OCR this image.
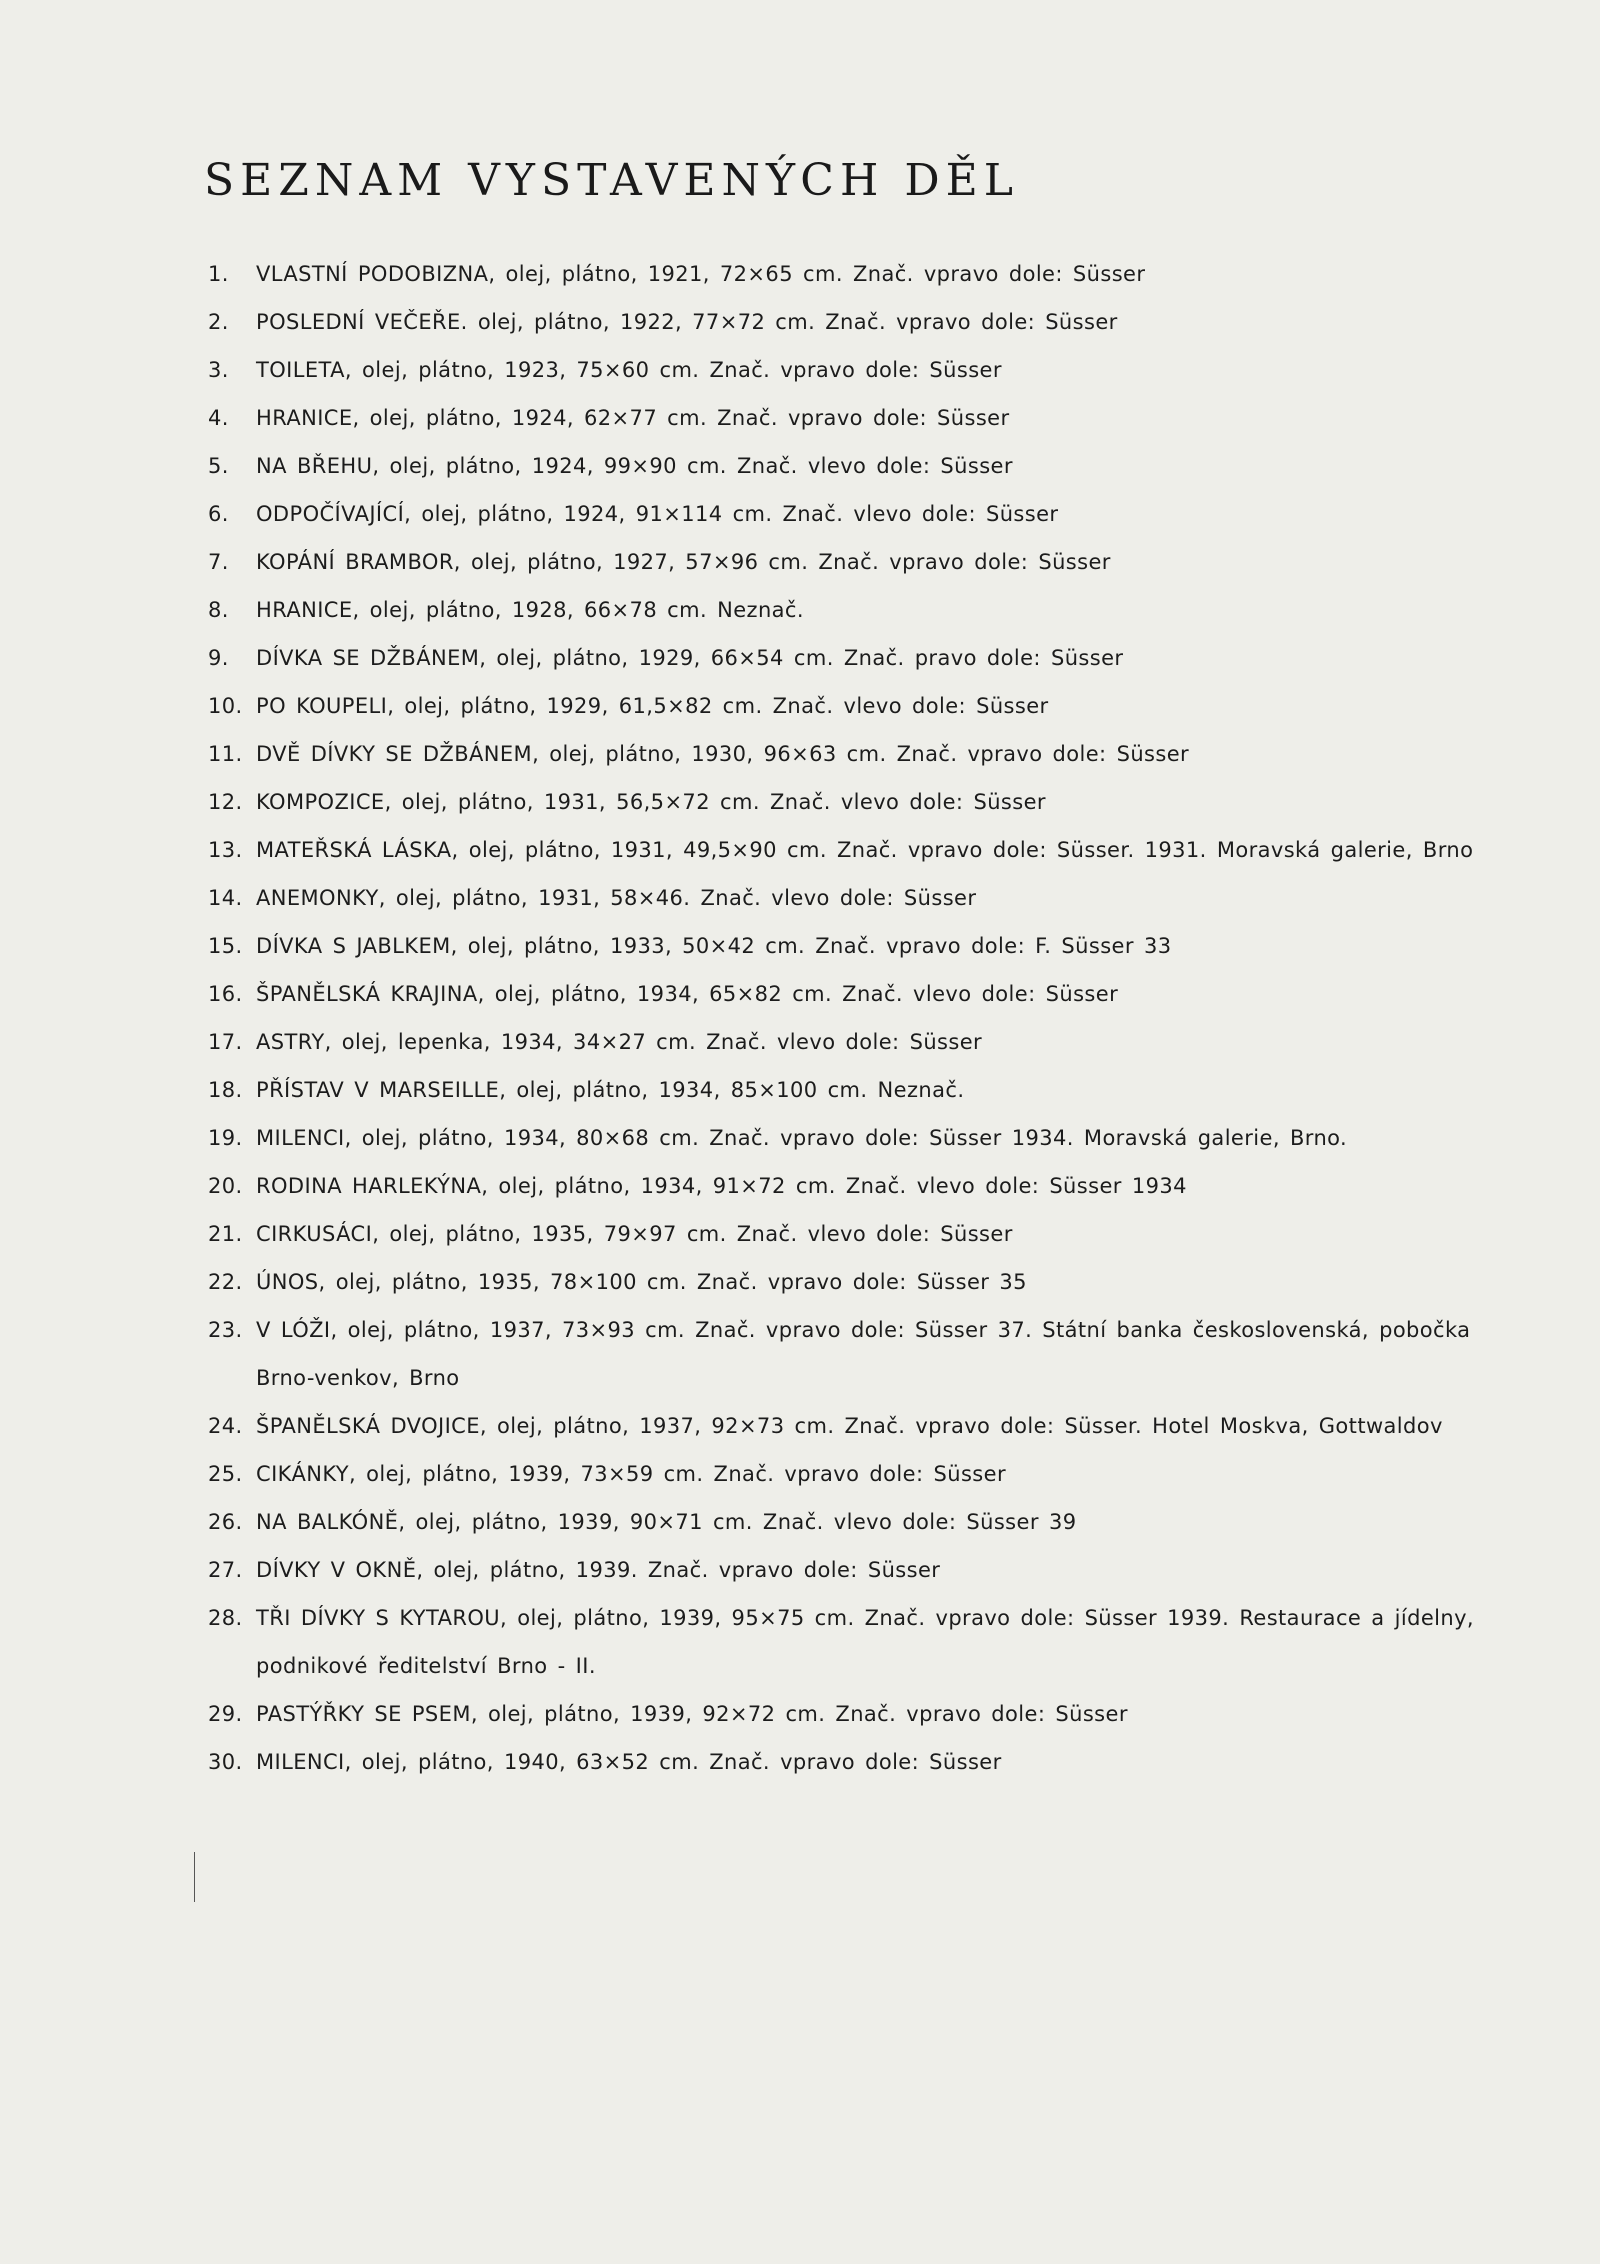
SEZNAM VYSTAVENÝCH DĚL
1.	VLASTNÍ PODOBIZNA, olej, plátno, 1921, 72×65 cm. Znač. vpravo dole: Süsser
2.	POSLEDNÍ VEČEŘE. olej, plátno, 1922, 77×72 cm. Znač. vpravo dole: Süsser
3.	TOILETA, olej, plátno, 1923, 75×60 cm. Znač. vpravo dole: Süsser
4.	HRANICE, olej, plátno, 1924, 62×77 cm. Znač. vpravo dole: Süsser
5.	NA BŘEHU, olej, plátno, 1924, 99×90 cm. Znač. vlevo dole: Süsser
6.	ODPOČÍVAJÍCÍ, olej, plátno, 1924, 91×114 cm. Znač. vlevo dole: Süsser
7.	KOPÁNÍ BRAMBOR, olej, plátno, 1927, 57×96 cm. Znač. vpravo dole: Süsser
8.	HRANICE, olej, plátno, 1928, 66×78 cm. Neznač.
9.	DÍVKA SE DŽBÁNEM, olej, plátno, 1929, 66×54 cm. Znač. pravo dole: Süsser
10. PO KOUPELI, olej, plátno, 1929, 61,5×82 cm. Znač. vlevo dole: Süsser
11. DVĚ DÍVKY SE DŽBÁNEM, olej, plátno, 1930, 96×63 cm. Znač. vpravo dole: Süsser
12. KOMPOZICE, olej, plátno, 1931, 56,5×72 cm. Znač. vlevo dole: Süsser
13. MATEŘSKÁ LÁSKA, olej, plátno, 1931, 49,5×90 cm. Znač. vpravo dole: Süsser. 1931. Moravská galerie, Brno
14. ANEMONKY, olej, plátno, 1931, 58×46. Znač. vlevo dole: Süsser
15. DÍVKA S JABLKEM, olej, plátno, 1933, 50×42 cm. Znač. vpravo dole: F. Süsser 33
16. ŠPANĚLSKÁ KRAJINA, olej, plátno, 1934, 65×82 cm. Znač. vlevo dole: Süsser
17. ASTRY, olej, lepenka, 1934, 34×27 cm. Znač. vlevo dole: Süsser
18. PŘÍSTAV V MARSEILLE, olej, plátno, 1934, 85×100 cm. Neznač.
19. MILENCI, olej, plátno, 1934, 80×68 cm. Znač. vpravo dole: Süsser 1934. Moravská galerie, Brno.
20. RODINA HARLEKÝNA, olej, plátno, 1934, 91×72 cm. Znač. vlevo dole: Süsser 1934
21. CIRKUSÁCI, olej, plátno, 1935, 79×97 cm. Znač. vlevo dole: Süsser
22. ÚNOS, olej, plátno, 1935, 78×100 cm. Znač. vpravo dole: Süsser 35
23. V LÓŽI, olej, plátno, 1937, 73×93 cm. Znač. vpravo dole: Süsser 37. Státní banka československá, pobočka Brno-venkov, Brno
24. ŠPANĚLSKÁ DVOJICE, olej, plátno, 1937, 92×73 cm. Znač. vpravo dole: Süsser. Hotel Moskva, Gottwaldov
25. CIKÁNKY, olej, plátno, 1939, 73×59 cm. Znač. vpravo dole: Süsser
26. NA BALKÓNĚ, olej, plátno, 1939, 90×71 cm. Znač. vlevo dole: Süsser 39
27. DÍVKY V OKNĚ, olej, plátno, 1939. Znač. vpravo dole: Süsser
28. TŘI DÍVKY S KYTAROU, olej, plátno, 1939, 95×75 cm. Znač. vpravo dole: Süsser 1939. Restaurace a jídelny, podnikové ředitelství Brno - II.
29. PASTÝŘKY SE PSEM, olej, plátno, 1939, 92×72 cm. Znač. vpravo dole: Süsser
30. MILENCI, olej, plátno, 1940, 63×52 cm. Znač. vpravo dole: Süsser
